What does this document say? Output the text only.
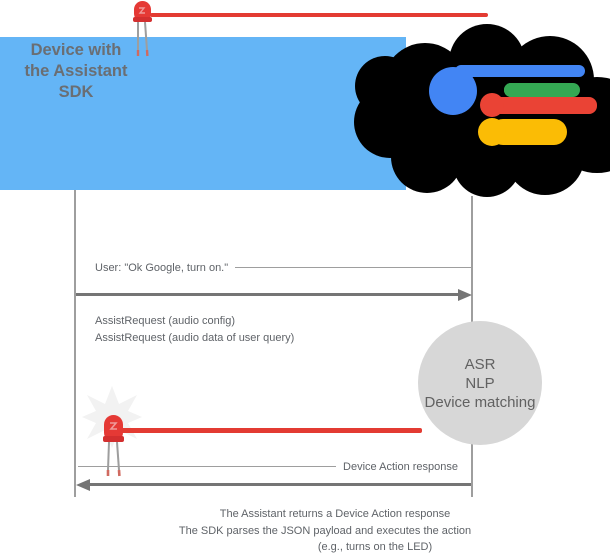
Device with
the Assistant
SDK
User: "Ok Google, turn on."
AssistRequest (audio config)
AssistRequest (audio data of user query)
ASR
NLP
Device matching
Device Action response
The Assistant returns a Device Action response
The SDK parses the JSON payload and executes the action
(e.g., turns on the LED)
